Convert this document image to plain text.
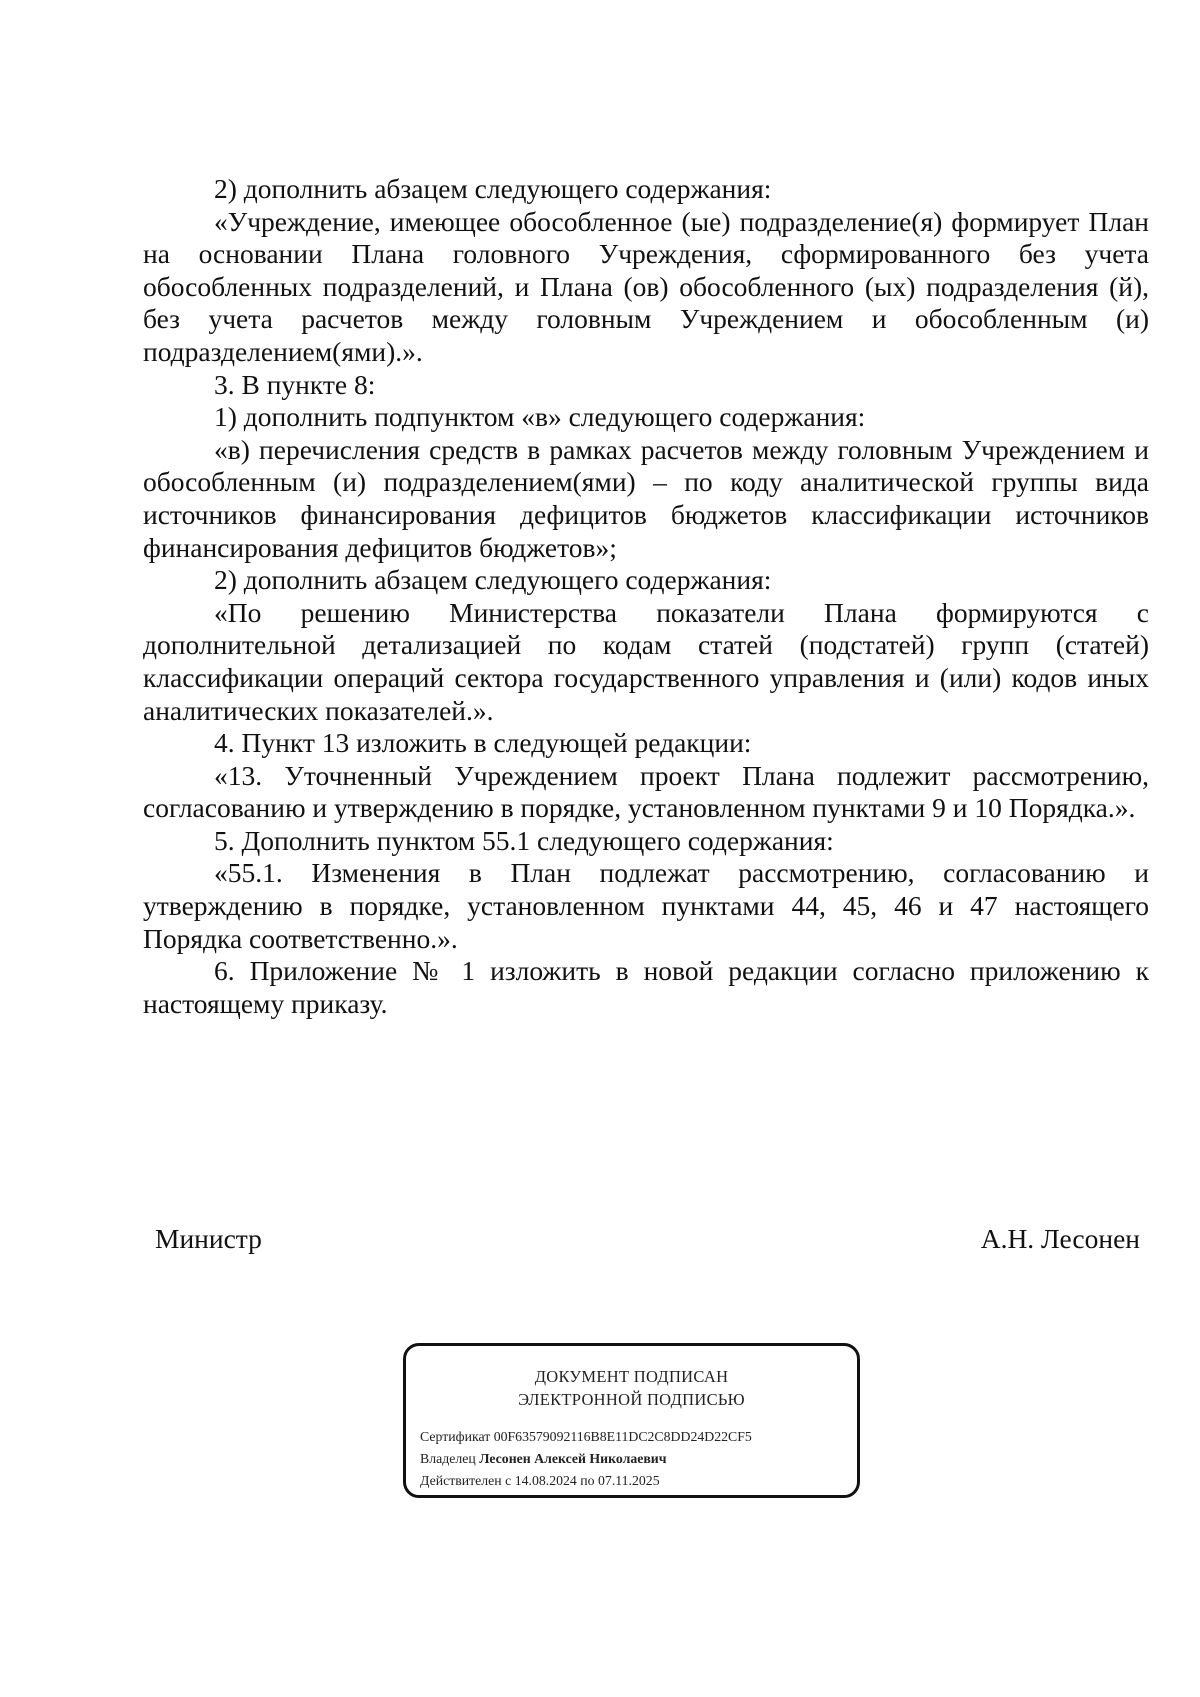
2) дополнить абзацем следующего содержания:

«Учреждение, имеющее обособленное (ые) подразделение(я) формирует План на основании Плана головного Учреждения, сформированного без учета обособленных подразделений, и Плана (ов) обособленного (ых) подразделения (й), без учета расчетов между головным Учреждением и обособленным (и) подразделением(ями).».

3. В пункте 8:

1) дополнить подпунктом «в» следующего содержания:

«в) перечисления средств в рамках расчетов между головным Учреждением и обособленным (и) подразделением(ями) – по коду аналитической группы вида источников финансирования дефицитов бюджетов классификации источников финансирования дефицитов бюджетов»;

2) дополнить абзацем следующего содержания:

«По решению Министерства показатели Плана формируются с дополнительной детализацией по кодам статей (подстатей) групп (статей) классификации операций сектора государственного управления и (или) кодов иных аналитических показателей.».

4. Пункт 13 изложить в следующей редакции:

«13. Уточненный Учреждением проект Плана подлежит рассмотрению, согласованию и утверждению в порядке, установленном пунктами 9 и 10 Порядка.».

5. Дополнить пунктом 55.1 следующего содержания:

«55.1. Изменения в План подлежат рассмотрению, согласованию и утверждению в порядке, установленном пунктами 44, 45, 46 и 47 настоящего Порядка соответственно.».

6. Приложение № 1 изложить в новой редакции согласно приложению к настоящему приказу.

Министр	А.Н. Лесонен
ДОКУМЕНТ ПОДПИСАН
ЭЛЕКТРОННОЙ ПОДПИСЬЮ
Сертификат 00F63579092116B8E11DC2C8DD24D22CF5
Владелец Лесонен Алексей Николаевич
Действителен с 14.08.2024 по 07.11.2025
